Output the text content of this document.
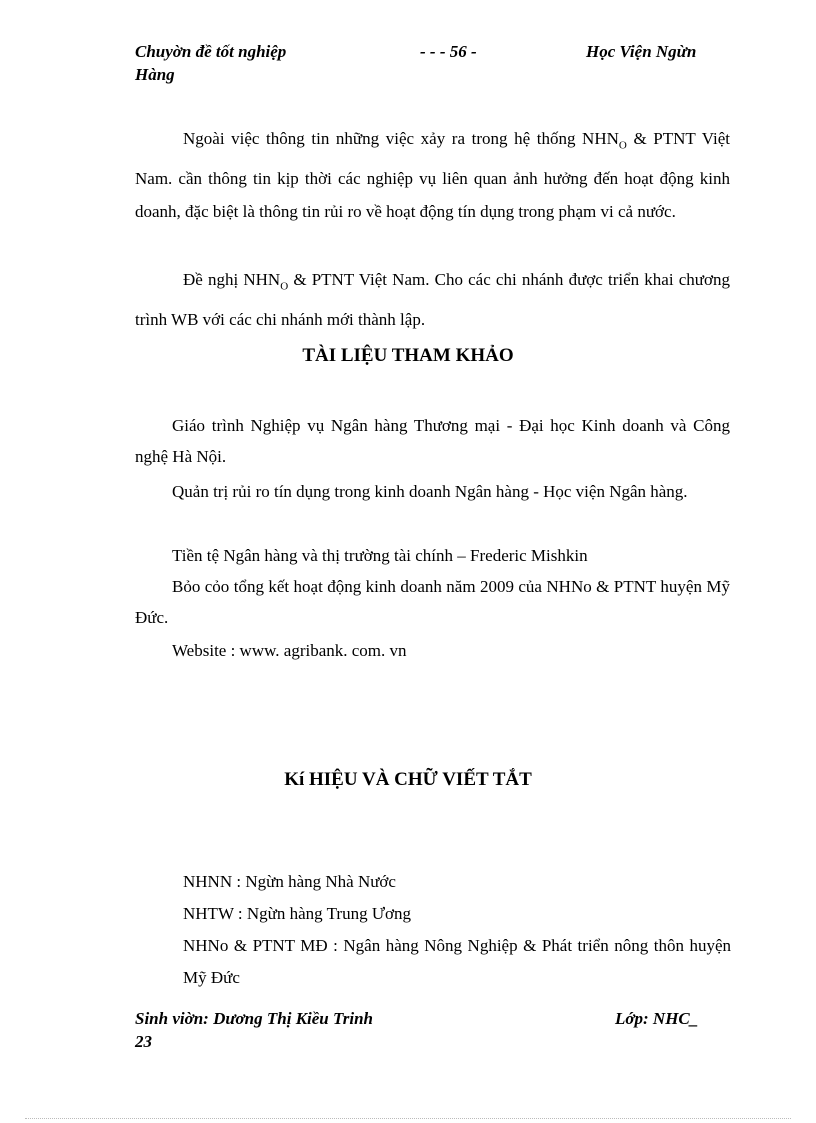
Chuyờn đề tốt nghiệp
Hàng
- - - 56 -	Học Viện Ngừn

Ngoài việc thông tin những việc xảy ra trong hệ thống $NHN_O$ & PTNT Việt Nam. cần thông tin kịp thời các nghiệp vụ liên quan ảnh hưởng đến hoạt động kinh doanh, đặc biệt là thông tin rủi ro về hoạt động tín dụng trong phạm vi cả nước.

Đề nghị $NHN_O$ & PTNT Việt Nam. Cho các chi nhánh được triển khai chương trình WB với các chi nhánh mới thành lập.

TÀI LIỆU THAM KHẢO

Giáo trình Nghiệp vụ Ngân hàng Thương mại - Đại học Kinh doanh và Công nghệ Hà Nội.

Quản trị rủi ro tín dụng trong kinh doanh Ngân hàng - Học viện Ngân hàng.

Tiền tệ Ngân hàng và thị trường tài chính – Frederic Mishkin

Bỏo cỏo tổng kết hoạt động kinh doanh năm 2009 của NHNo & PTNT huyện Mỹ Đức.

Website : www. agribank. com. vn

Kí HIỆU VÀ CHỮ VIẾT TẮT

NHNN : Ngừn hàng Nhà Nước

NHTW : Ngừn hàng Trung Ương

NHNo & PTNT MĐ : Ngân hàng Nông Nghiệp & Phát triển nông thôn huyện Mỹ Đức

Sinh viờn: Dương Thị Kiều Trinh
23
Lớp: NHC_
